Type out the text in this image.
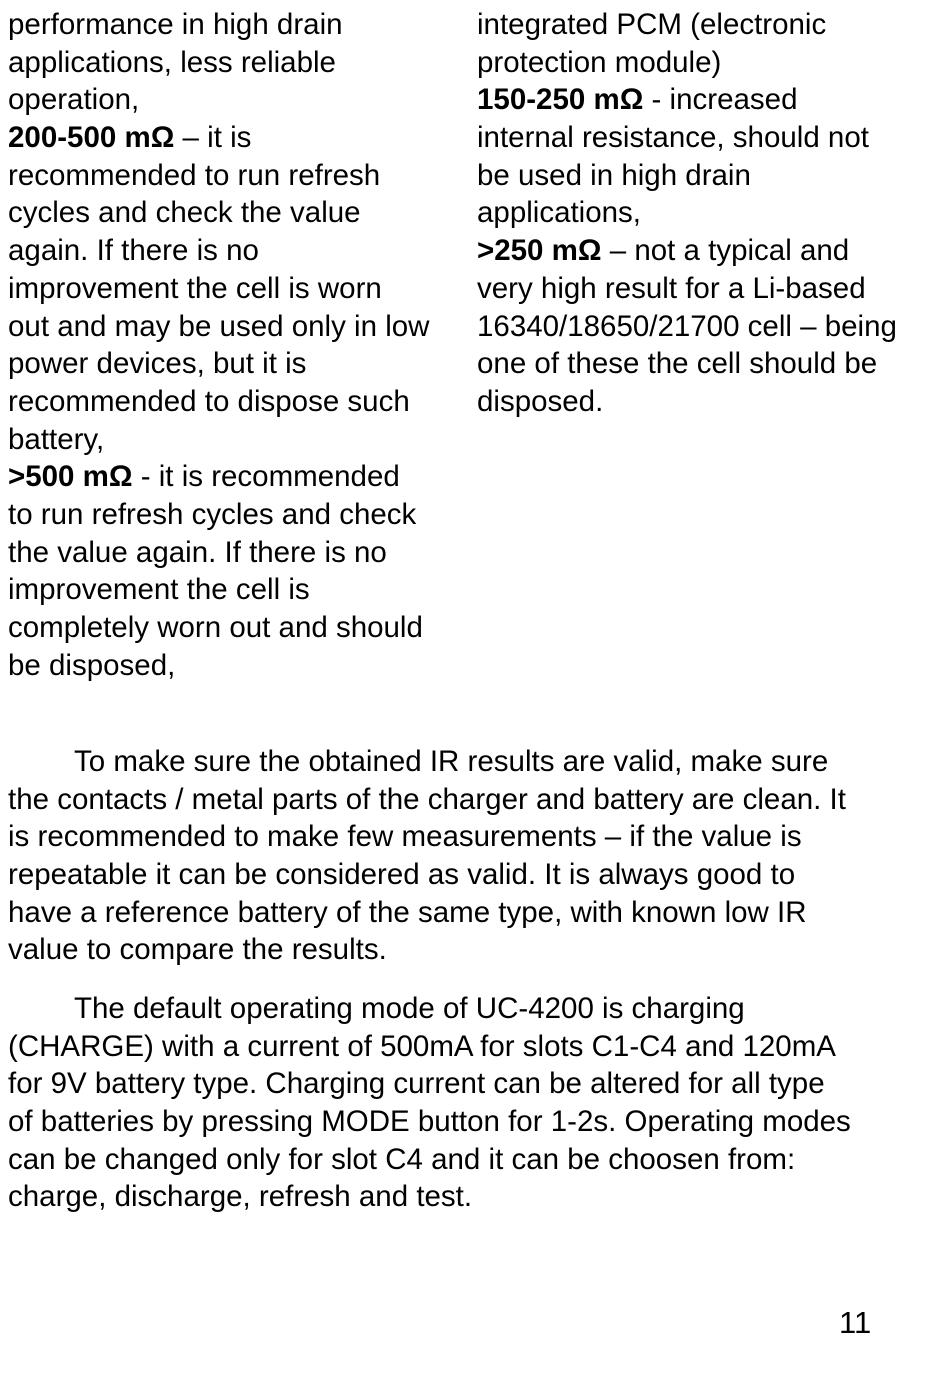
performance in high drain
applications, less reliable
operation,
200-500 mΩ – it is
recommended to run refresh
cycles and check the value
again. If there is no
improvement the cell is worn
out and may be used only in low
power devices, but it is
recommended to dispose such
battery,
>500 mΩ - it is recommended
to run refresh cycles and check
the value again. If there is no
improvement the cell is
completely worn out and should
be disposed,
integrated PCM (electronic
protection module)
150-250 mΩ - increased
internal resistance, should not
be used in high drain
applications,
>250 mΩ – not a typical and
very high result for a Li-based
16340/18650/21700 cell – being
one of these the cell should be
disposed.
To make sure the obtained IR results are valid, make sure
the contacts / metal parts of the charger and battery are clean. It
is recommended to make few measurements – if the value is
repeatable it can be considered as valid. It is always good to
have a reference battery of the same type, with known low IR
value to compare the results.
The default operating mode of UC-4200 is charging
(CHARGE) with a current of 500mA for slots C1-C4 and 120mA
for 9V battery type. Charging current can be altered for all type
of batteries by pressing MODE button for 1-2s. Operating modes
can be changed only for slot C4 and it can be choosen from:
charge, discharge, refresh and test.
11
